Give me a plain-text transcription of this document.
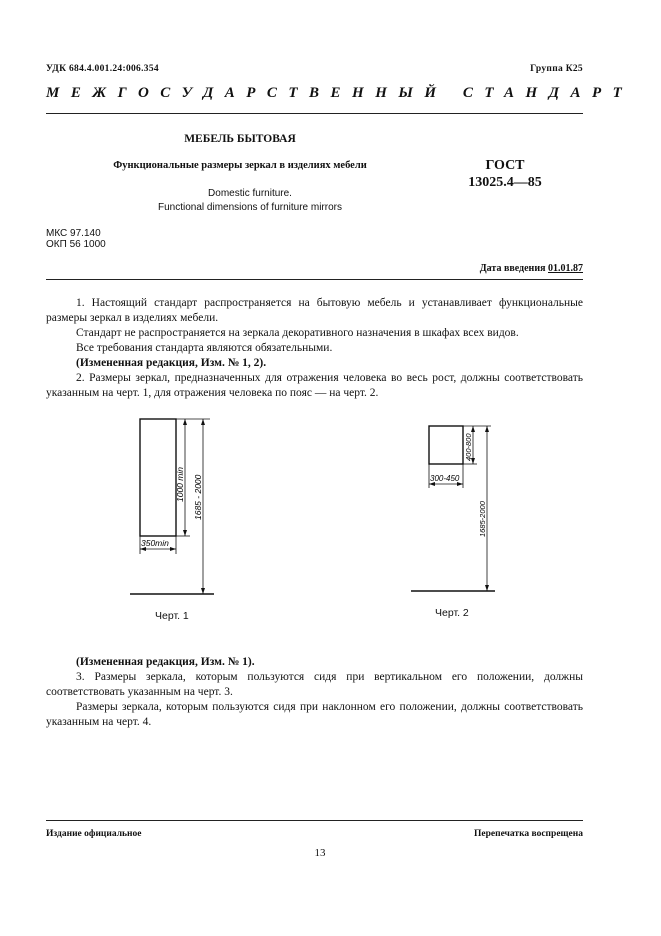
УДК 684.4.001.24:006.354	Группа К25
МЕЖГОСУДАРСТВЕННЫЙ СТАНДАРТ
МЕБЕЛЬ БЫТОВАЯ
Функциональные размеры зеркал в изделиях мебели	ГОСТ
13025.4—85
Domestic furniture.
Functional dimensions of furniture mirrors
МКС 97.140
ОКП 56 1000
Дата введения 01.01.87
1. Настоящий стандарт распространяется на бытовую мебель и устанавливает функциональные размеры зеркал в изделиях мебели.
Стандарт не распространяется на зеркала декоративного назначения в шкафах всех видов.
Все требования стандарта являются обязательными.
(Измененная редакция, Изм. № 1, 2).
2. Размеры зеркал, предназначенных для отражения человека во весь рост, должны соответствовать указанным на черт. 1, для отражения человека по пояс — на черт. 2.
350min
1000 min 1685 - 2000
Черт. 1
300-450
400-800
1685-2000
Черт. 2
(Измененная редакция, Изм. № 1).
3. Размеры зеркала, которым пользуются сидя при вертикальном его положении, должны соответствовать указанным на черт. 3.
Размеры зеркала, которым пользуются сидя при наклонном его положении, должны соответствовать указанным на черт. 4.
Издание официальное	Перепечатка воспрещена
13
